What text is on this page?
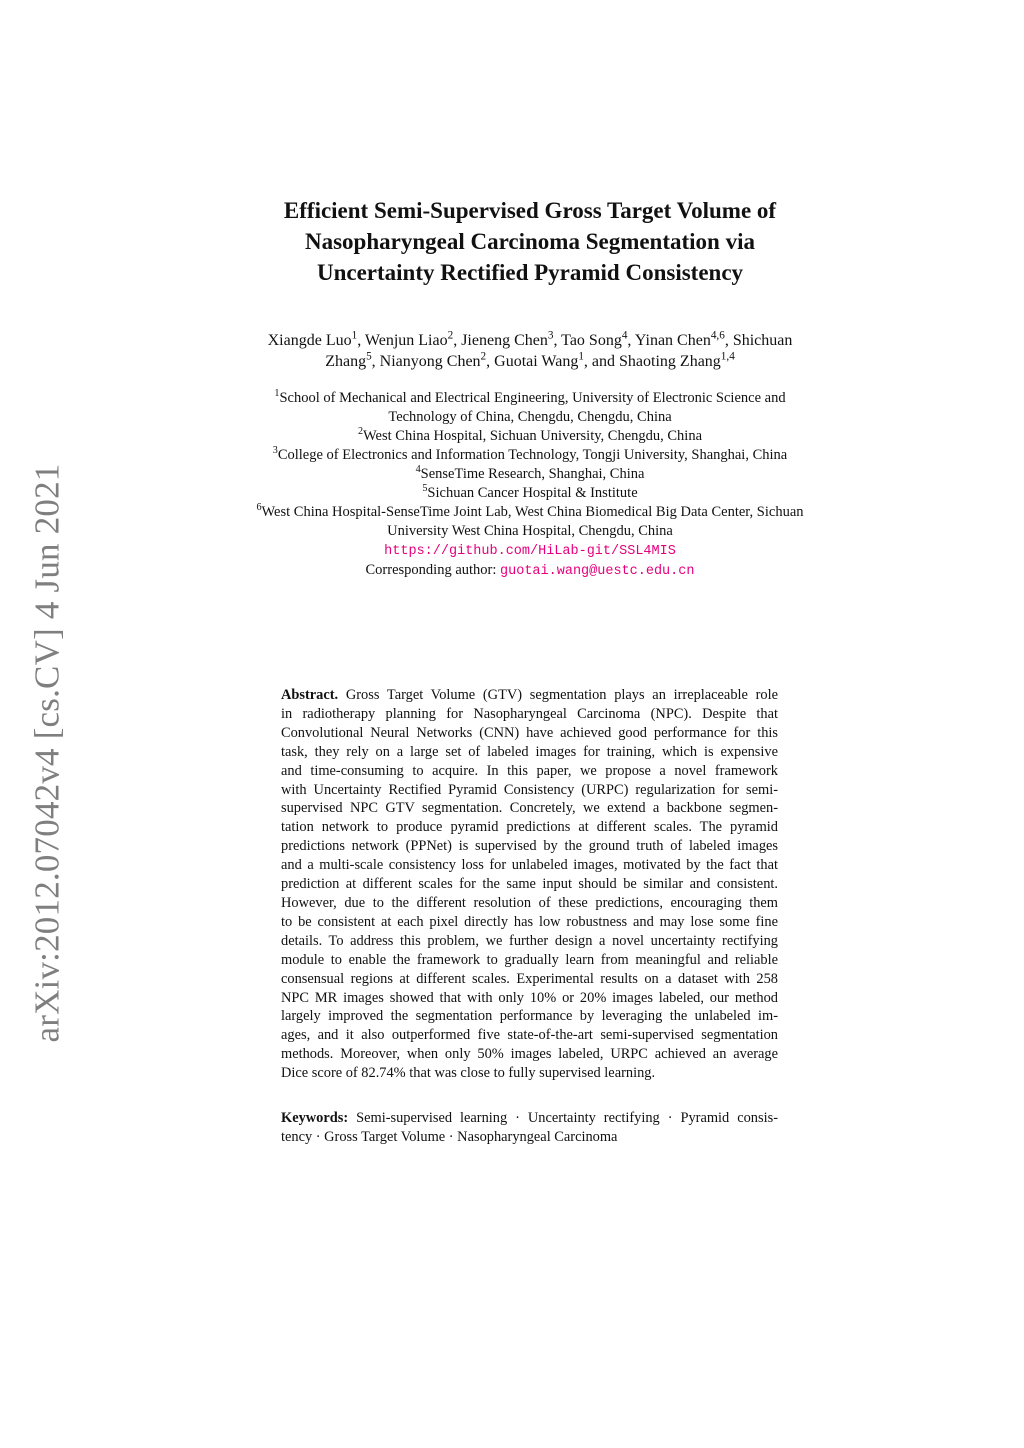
arXiv:2012.07042v4 [cs.CV] 4 Jun 2021
Efficient Semi-Supervised Gross Target Volume of
Nasopharyngeal Carcinoma Segmentation via
Uncertainty Rectified Pyramid Consistency
Xiangde Luo$^1$, Wenjun Liao$^2$, Jieneng Chen$^3$, Tao Song$^4$, Yinan Chen$^{4,6}$, Shichuan
Zhang$^5$, Nianyong Chen$^2$, Guotai Wang$^1$, and Shaoting Zhang$^{1,4}$
$^1$School of Mechanical and Electrical Engineering, University of Electronic Science and
Technology of China, Chengdu, Chengdu, China
$^2$West China Hospital, Sichuan University, Chengdu, China
$^3$College of Electronics and Information Technology, Tongji University, Shanghai, China
$^4$SenseTime Research, Shanghai, China
$^5$Sichuan Cancer Hospital & Institute
$^6$West China Hospital-SenseTime Joint Lab, West China Biomedical Big Data Center, Sichuan
University West China Hospital, Chengdu, China
https://github.com/HiLab-git/SSL4MIS
Corresponding author: guotai.wang@uestc.edu.cn
Abstract. Gross Target Volume (GTV) segmentation plays an irreplaceable role
in radiotherapy planning for Nasopharyngeal Carcinoma (NPC). Despite that
Convolutional Neural Networks (CNN) have achieved good performance for this
task, they rely on a large set of labeled images for training, which is expensive
and time-consuming to acquire. In this paper, we propose a novel framework
with Uncertainty Rectified Pyramid Consistency (URPC) regularization for semi-
supervised NPC GTV segmentation. Concretely, we extend a backbone segmen-
tation network to produce pyramid predictions at different scales. The pyramid
predictions network (PPNet) is supervised by the ground truth of labeled images
and a multi-scale consistency loss for unlabeled images, motivated by the fact that
prediction at different scales for the same input should be similar and consistent.
However, due to the different resolution of these predictions, encouraging them
to be consistent at each pixel directly has low robustness and may lose some fine
details. To address this problem, we further design a novel uncertainty rectifying
module to enable the framework to gradually learn from meaningful and reliable
consensual regions at different scales. Experimental results on a dataset with 258
NPC MR images showed that with only 10% or 20% images labeled, our method
largely improved the segmentation performance by leveraging the unlabeled im-
ages, and it also outperformed five state-of-the-art semi-supervised segmentation
methods. Moreover, when only 50% images labeled, URPC achieved an average
Dice score of 82.74% that was close to fully supervised learning.
Keywords: Semi-supervised learning · Uncertainty rectifying · Pyramid consis-
tency · Gross Target Volume · Nasopharyngeal Carcinoma
